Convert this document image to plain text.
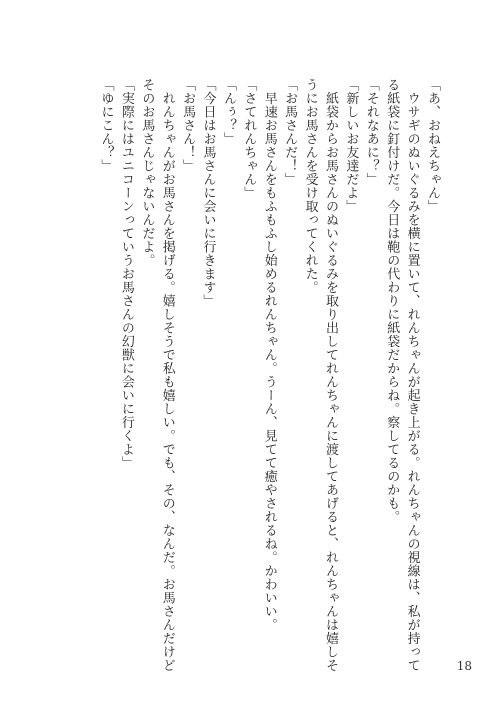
「あ、おねえちゃん」
　ウサギのぬいぐるみを横に置いて、れんちゃんが起き上がる。れんちゃんの視線は、私が持って
る紙袋に釘付けだ。今日は鞄の代わりに紙袋だからね。察してるのかも。
「それなあに？」
「新しいお友達だよ」
　紙袋からお馬さんのぬいぐるみを取り出してれんちゃんに渡してあげると、れんちゃんは嬉しそ
うにお馬さんを受け取ってくれた。
「お馬さんだ！」
　早速お馬さんをもふもふし始めるれんちゃん。うーん、見てて癒やされるね。かわいい。
「さてれんちゃん」
「んぅ？」
「今日はお馬さんに会いに行きます」
「お馬さん！」
　れんちゃんがお馬さんを掲げる。嬉しそうで私も嬉しい。でも、その、なんだ。お馬さんだけど
そのお馬さんじゃないんだよ。
「実際にはユニコーンっていうお馬さんの幻獣に会いに行くよ」
「ゆにこん？」
18
